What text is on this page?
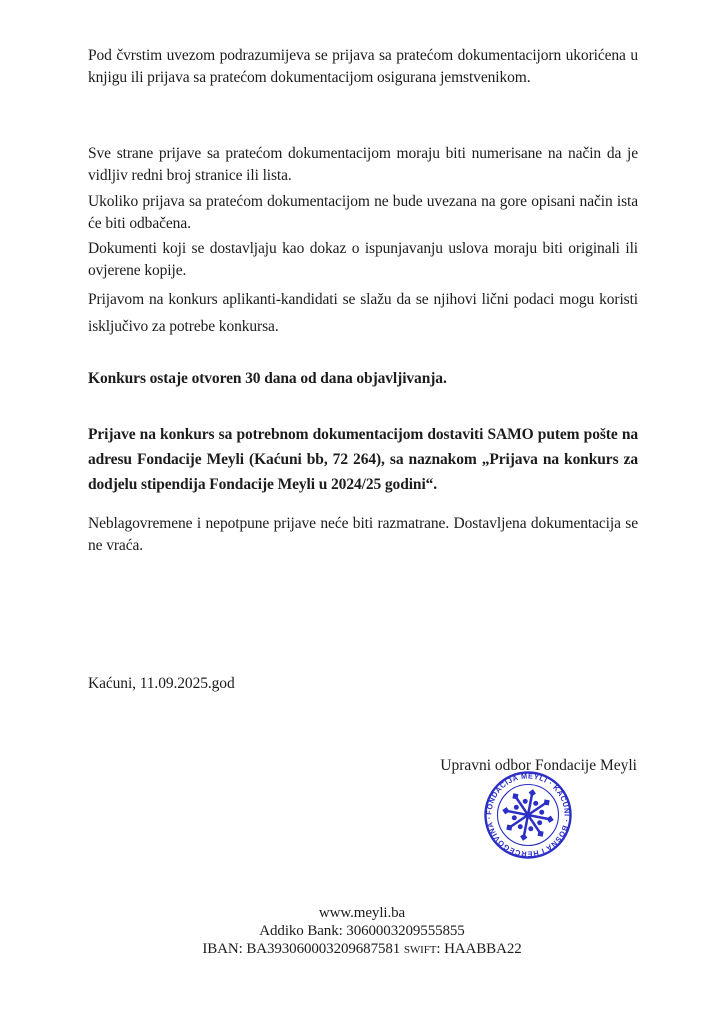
Pod čvrstim uvezom podrazumijeva se prijava sa pratećom dokumentacijorn ukorićena u knjigu ili prijava sa pratećom dokumentacijom osigurana jemstvenikom.

Sve strane prijave sa pratećom dokumentacijom moraju biti numerisane na način da je vidljiv redni broj stranice ili lista.

Ukoliko prijava sa pratećom dokumentacijom ne bude uvezana na gore opisani način ista će biti odbačena.

Dokumenti koji se dostavljaju kao dokaz o ispunjavanju uslova moraju biti originali ili ovjerene kopije.

Prijavom na konkurs aplikanti-kandidati se slažu da se njihovi lični podaci mogu koristi isključivo za potrebe konkursa.

Konkurs ostaje otvoren 30 dana od dana objavljivanja.

Prijave na konkurs sa potrebnom dokumentacijom dostaviti SAMO putem pošte na adresu Fondacije Meyli (Kaćuni bb, 72 264), sa naznakom „Prijava na konkurs za dodjelu stipendija Fondacije Meyli u 2024/25 godini“.

Neblagovremene i nepotpune prijave neće biti razmatrane. Dostavljena dokumentacija se ne vraća.

Kaćuni, 11.09.2025.god

Upravni odbor Fondacije Meyli

FONDACIJA MEYLI · KAĆUNI · BOSNA I HERCEGOVINA ·
www.meyli.ba
Addiko Bank: 3060003209555855
IBAN: BA393060003209687581 swift: HAABBA22
